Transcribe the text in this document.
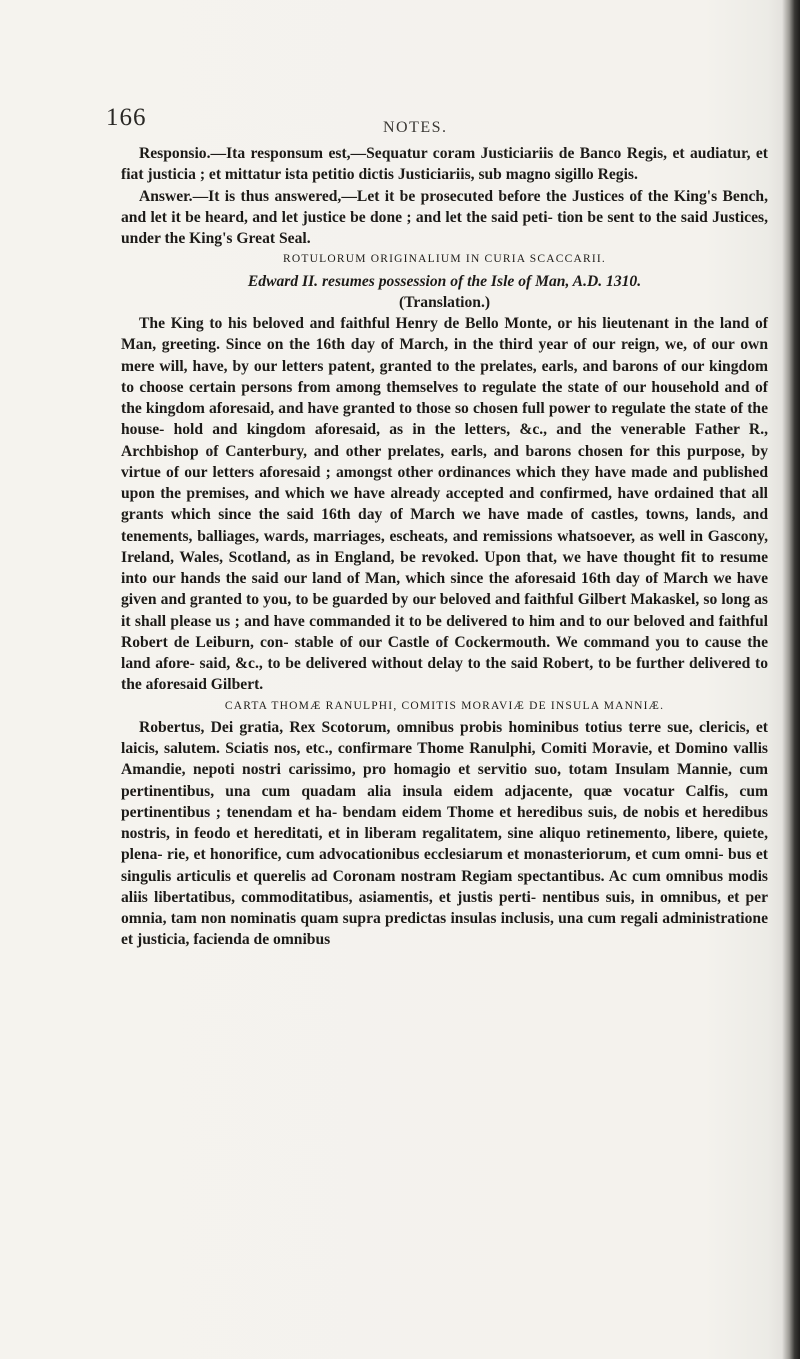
166	NOTES.

Responsio.—Ita responsum est,—Sequatur coram Justiciariis de Banco Regis, et audiatur, et fiat justicia ; et mittatur ista petitio dictis Justiciariis, sub magno sigillo Regis.

Answer.—It is thus answered,—Let it be prosecuted before the Justices of the King's Bench, and let it be heard, and let justice be done ; and let the said peti- tion be sent to the said Justices, under the King's Great Seal.

ROTULORUM ORIGINALIUM IN CURIA SCACCARII.

Edward II. resumes possession of the Isle of Man, A.D. 1310.

(Translation.)

The King to his beloved and faithful Henry de Bello Monte, or his lieutenant in the land of Man, greeting. Since on the 16th day of March, in the third year of our reign, we, of our own mere will, have, by our letters patent, granted to the prelates, earls, and barons of our kingdom to choose certain persons from among themselves to regulate the state of our household and of the kingdom aforesaid, and have granted to those so chosen full power to regulate the state of the house- hold and kingdom aforesaid, as in the letters, &c., and the venerable Father R., Archbishop of Canterbury, and other prelates, earls, and barons chosen for this purpose, by virtue of our letters aforesaid ; amongst other ordinances which they have made and published upon the premises, and which we have already accepted and confirmed, have ordained that all grants which since the said 16th day of March we have made of castles, towns, lands, and tenements, balliages, wards, marriages, escheats, and remissions whatsoever, as well in Gascony, Ireland, Wales, Scotland, as in England, be revoked. Upon that, we have thought fit to resume into our hands the said our land of Man, which since the aforesaid 16th day of March we have given and granted to you, to be guarded by our beloved and faithful Gilbert Makaskel, so long as it shall please us ; and have commanded it to be delivered to him and to our beloved and faithful Robert de Leiburn, con- stable of our Castle of Cockermouth. We command you to cause the land afore- said, &c., to be delivered without delay to the said Robert, to be further delivered to the aforesaid Gilbert.

CARTA THOMÆ RANULPHI, COMITIS MORAVIÆ DE INSULA MANNIÆ.

Robertus, Dei gratia, Rex Scotorum, omnibus probis hominibus totius terre sue, clericis, et laicis, salutem. Sciatis nos, etc., confirmare Thome Ranulphi, Comiti Moravie, et Domino vallis Amandie, nepoti nostri carissimo, pro homagio et servitio suo, totam Insulam Mannie, cum pertinentibus, una cum quadam alia insula eidem adjacente, quæ vocatur Calfis, cum pertinentibus ; tenendam et ha- bendam eidem Thome et heredibus suis, de nobis et heredibus nostris, in feodo et hereditati, et in liberam regalitatem, sine aliquo retinemento, libere, quiete, plena- rie, et honorifice, cum advocationibus ecclesiarum et monasteriorum, et cum omni- bus et singulis articulis et querelis ad Coronam nostram Regiam spectantibus. Ac cum omnibus modis aliis libertatibus, commoditatibus, asiamentis, et justis perti- nentibus suis, in omnibus, et per omnia, tam non nominatis quam supra predictas insulas inclusis, una cum regali administratione et justicia, facienda de omnibus
